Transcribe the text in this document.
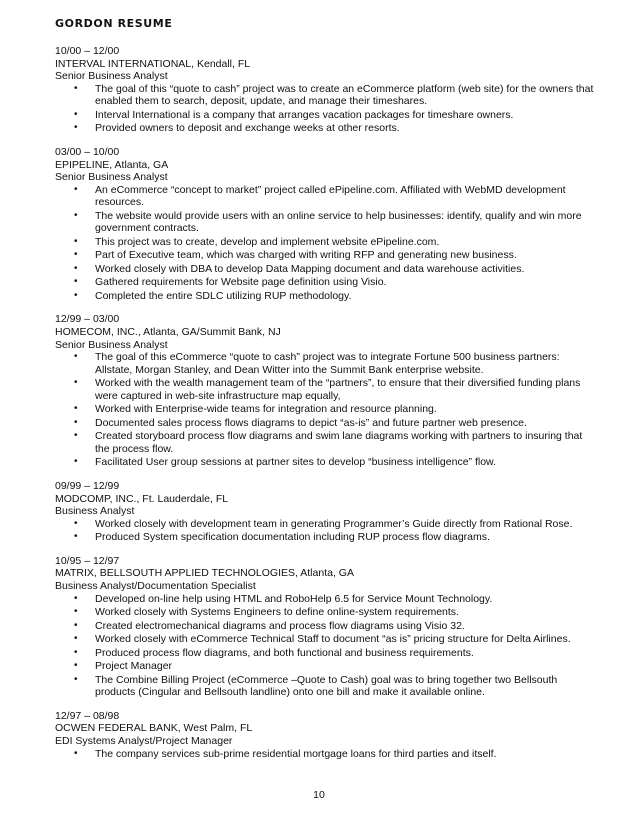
GORDON RESUME
10/00 – 12/00
INTERVAL INTERNATIONAL, Kendall, FL
Senior Business Analyst
• The goal of this “quote to cash” project was to create an eCommerce platform (web site) for the owners that enabled them to search, deposit, update, and manage their timeshares.
• Interval International is a company that arranges vacation packages for timeshare owners.
• Provided owners to deposit and exchange weeks at other resorts.
03/00 – 10/00
EPIPELINE, Atlanta, GA
Senior Business Analyst
• An eCommerce “concept to market” project called ePipeline.com. Affiliated with WebMD development resources.
• The website would provide users with an online service to help businesses: identify, qualify and win more government contracts.
• This project was to create, develop and implement website ePipeline.com.
• Part of Executive team, which was charged with writing RFP and generating new business.
• Worked closely with DBA to develop Data Mapping document and data warehouse activities.
• Gathered requirements for Website page definition using Visio.
• Completed the entire SDLC utilizing RUP methodology.
12/99 – 03/00
HOMECOM, INC., Atlanta, GA/Summit Bank, NJ
Senior Business Analyst
• The goal of this eCommerce “quote to cash” project was to integrate Fortune 500 business partners: Allstate, Morgan Stanley, and Dean Witter into the Summit Bank enterprise website.
• Worked with the wealth management team of the “partners”, to ensure that their diversified funding plans were captured in web-site infrastructure map equally,
• Worked with Enterprise-wide teams for integration and resource planning.
• Documented sales process flows diagrams to depict “as-is” and future partner web presence.
• Created storyboard process flow diagrams and swim lane diagrams working with partners to insuring that the process flow.
• Facilitated User group sessions at partner sites to develop “business intelligence” flow.
09/99 – 12/99
MODCOMP, INC., Ft. Lauderdale, FL
Business Analyst
• Worked closely with development team in generating Programmer’s Guide directly from Rational Rose.
• Produced System specification documentation including RUP process flow diagrams.
10/95 – 12/97
MATRIX, BELLSOUTH APPLIED TECHNOLOGIES, Atlanta, GA
Business Analyst/Documentation Specialist
• Developed on-line help using HTML and RoboHelp 6.5 for Service Mount Technology.
• Worked closely with Systems Engineers to define online-system requirements.
• Created electromechanical diagrams and process flow diagrams using Visio 32.
• Worked closely with eCommerce Technical Staff to document “as is” pricing structure for Delta Airlines.
• Produced process flow diagrams, and both functional and business requirements.
• Project Manager
• The Combine Billing Project (eCommerce –Quote to Cash) goal was to bring together two Bellsouth products (Cingular and Bellsouth landline) onto one bill and make it available online.
12/97 – 08/98
OCWEN FEDERAL BANK, West Palm, FL
EDI Systems Analyst/Project Manager
• The company services sub-prime residential mortgage loans for third parties and itself.
10
